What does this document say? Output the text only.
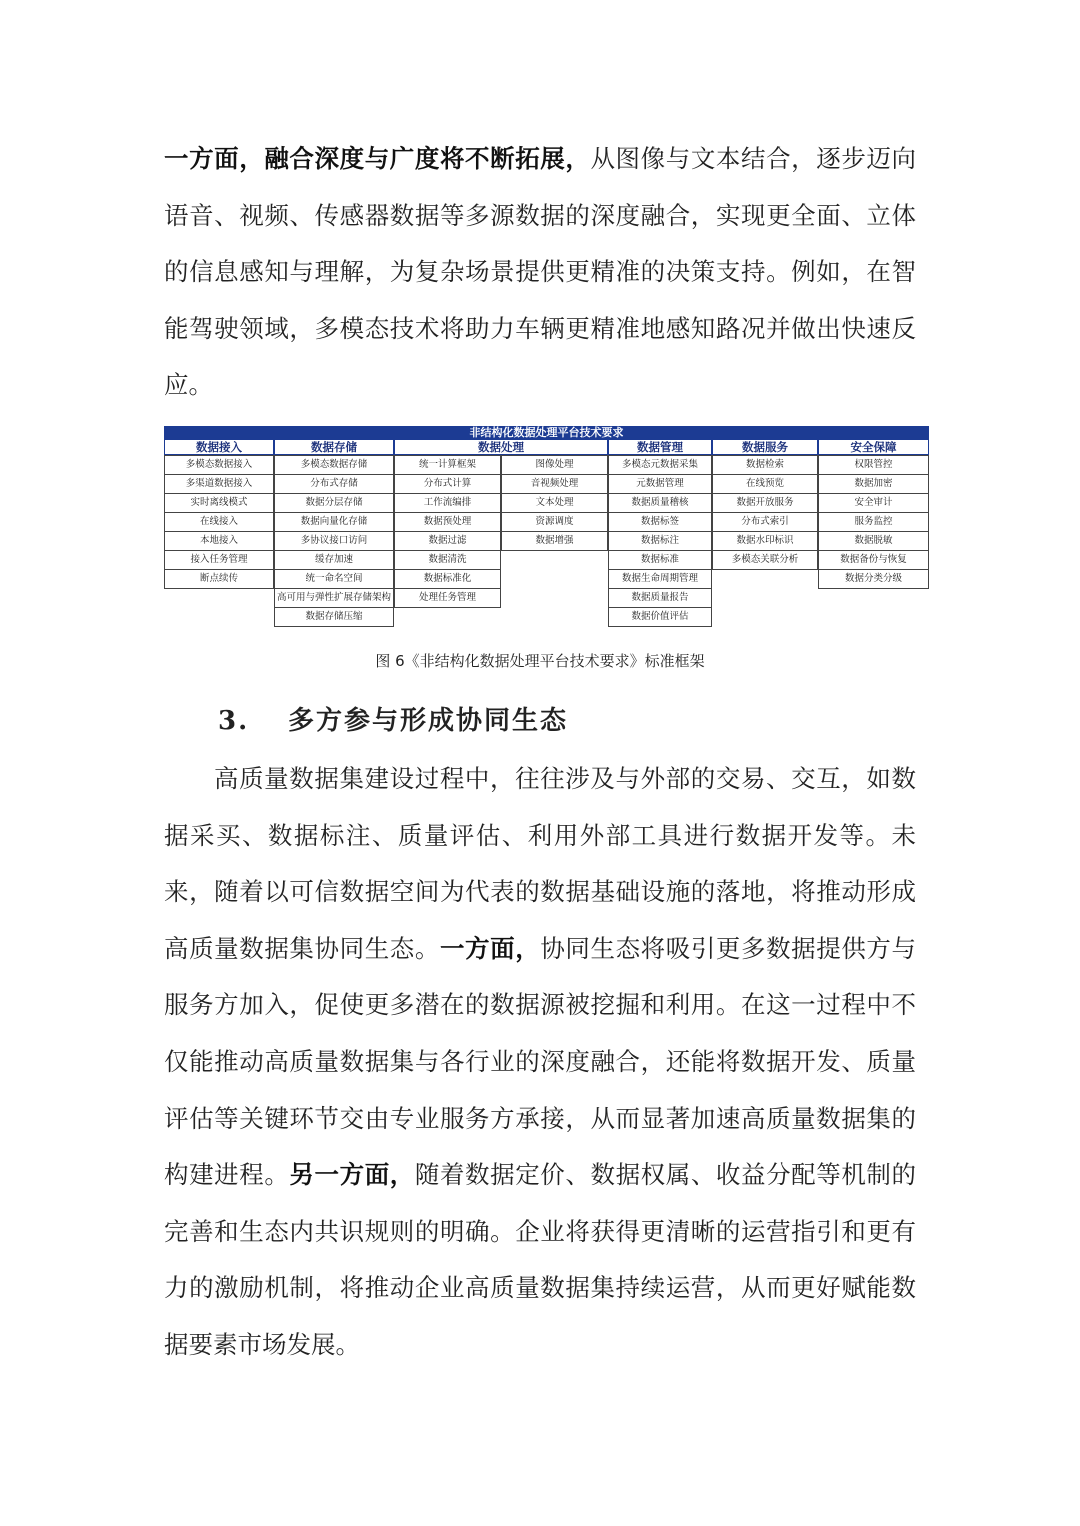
一方面，融合深度与广度将不断拓展，从图像与文本结合，逐步迈向语音、视频、传感器数据等多源数据的深度融合，实现更全面、立体的信息感知与理解，为复杂场景提供更精准的决策支持。例如，在智能驾驶领域，多模态技术将助力车辆更精准地感知路况并做出快速反应。

非结构化数据处理平台技术要求
数据接入
多模态数据接入
多渠道数据接入
实时离线模式
在线接入
本地接入
接入任务管理
断点续传
数据存储
多模态数据存储
分布式存储
数据分层存储
数据向量化存储
多协议接口访问
缓存加速
统一命名空间
高可用与弹性扩展存储架构
数据存储压缩
数据处理
统一计算框架
分布式计算
工作流编排
数据预处理
数据过滤
数据清洗
数据标准化
处理任务管理
图像处理
音视频处理
文本处理
资源调度
数据增强
数据管理
多模态元数据采集
元数据管理
数据质量稽核
数据标签
数据标注
数据标准
数据生命周期管理
数据质量报告
数据价值评估
数据服务
数据检索
在线预览
数据开放服务
分布式索引
数据水印标识
多模态关联分析
安全保障
权限管控
数据加密
安全审计
服务监控
数据脱敏
数据备份与恢复
数据分类分级
图 6《非结构化数据处理平台技术要求》标准框架
3. 多方参与形成协同生态

高质量数据集建设过程中，往往涉及与外部的交易、交互，如数据采买、数据标注、质量评估、利用外部工具进行数据开发等。未来，随着以可信数据空间为代表的数据基础设施的落地，将推动形成高质量数据集协同生态。一方面，协同生态将吸引更多数据提供方与服务方加入，促使更多潜在的数据源被挖掘和利用。在这一过程中不仅能推动高质量数据集与各行业的深度融合，还能将数据开发、质量评估等关键环节交由专业服务方承接，从而显著加速高质量数据集的构建进程。另一方面，随着数据定价、数据权属、收益分配等机制的完善和生态内共识规则的明确。企业将获得更清晰的运营指引和更有力的激励机制，将推动企业高质量数据集持续运营，从而更好赋能数据要素市场发展。
